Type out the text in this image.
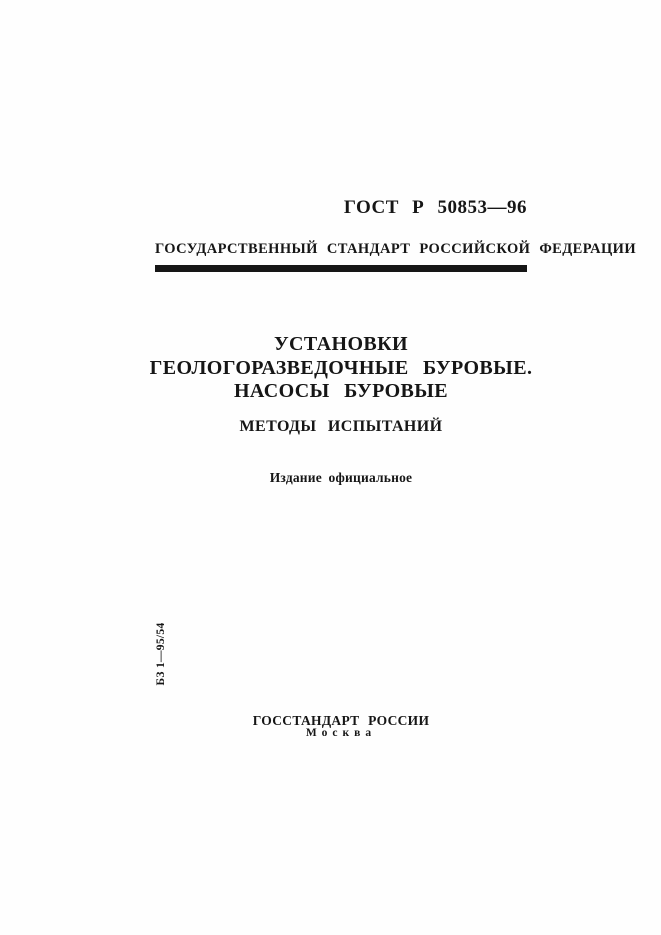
ГОСТ Р 50853—96
ГОСУДАРСТВЕННЫЙ СТАНДАРТ РОССИЙСКОЙ ФЕДЕРАЦИИ
УСТАНОВКИ
ГЕОЛОГОРАЗВЕДОЧНЫЕ БУРОВЫЕ.
НАСОСЫ БУРОВЫЕ
МЕТОДЫ ИСПЫТАНИЙ
Издание официальное
БЗ 1—95/54
ГОССТАНДАРТ РОССИИ
Москва
